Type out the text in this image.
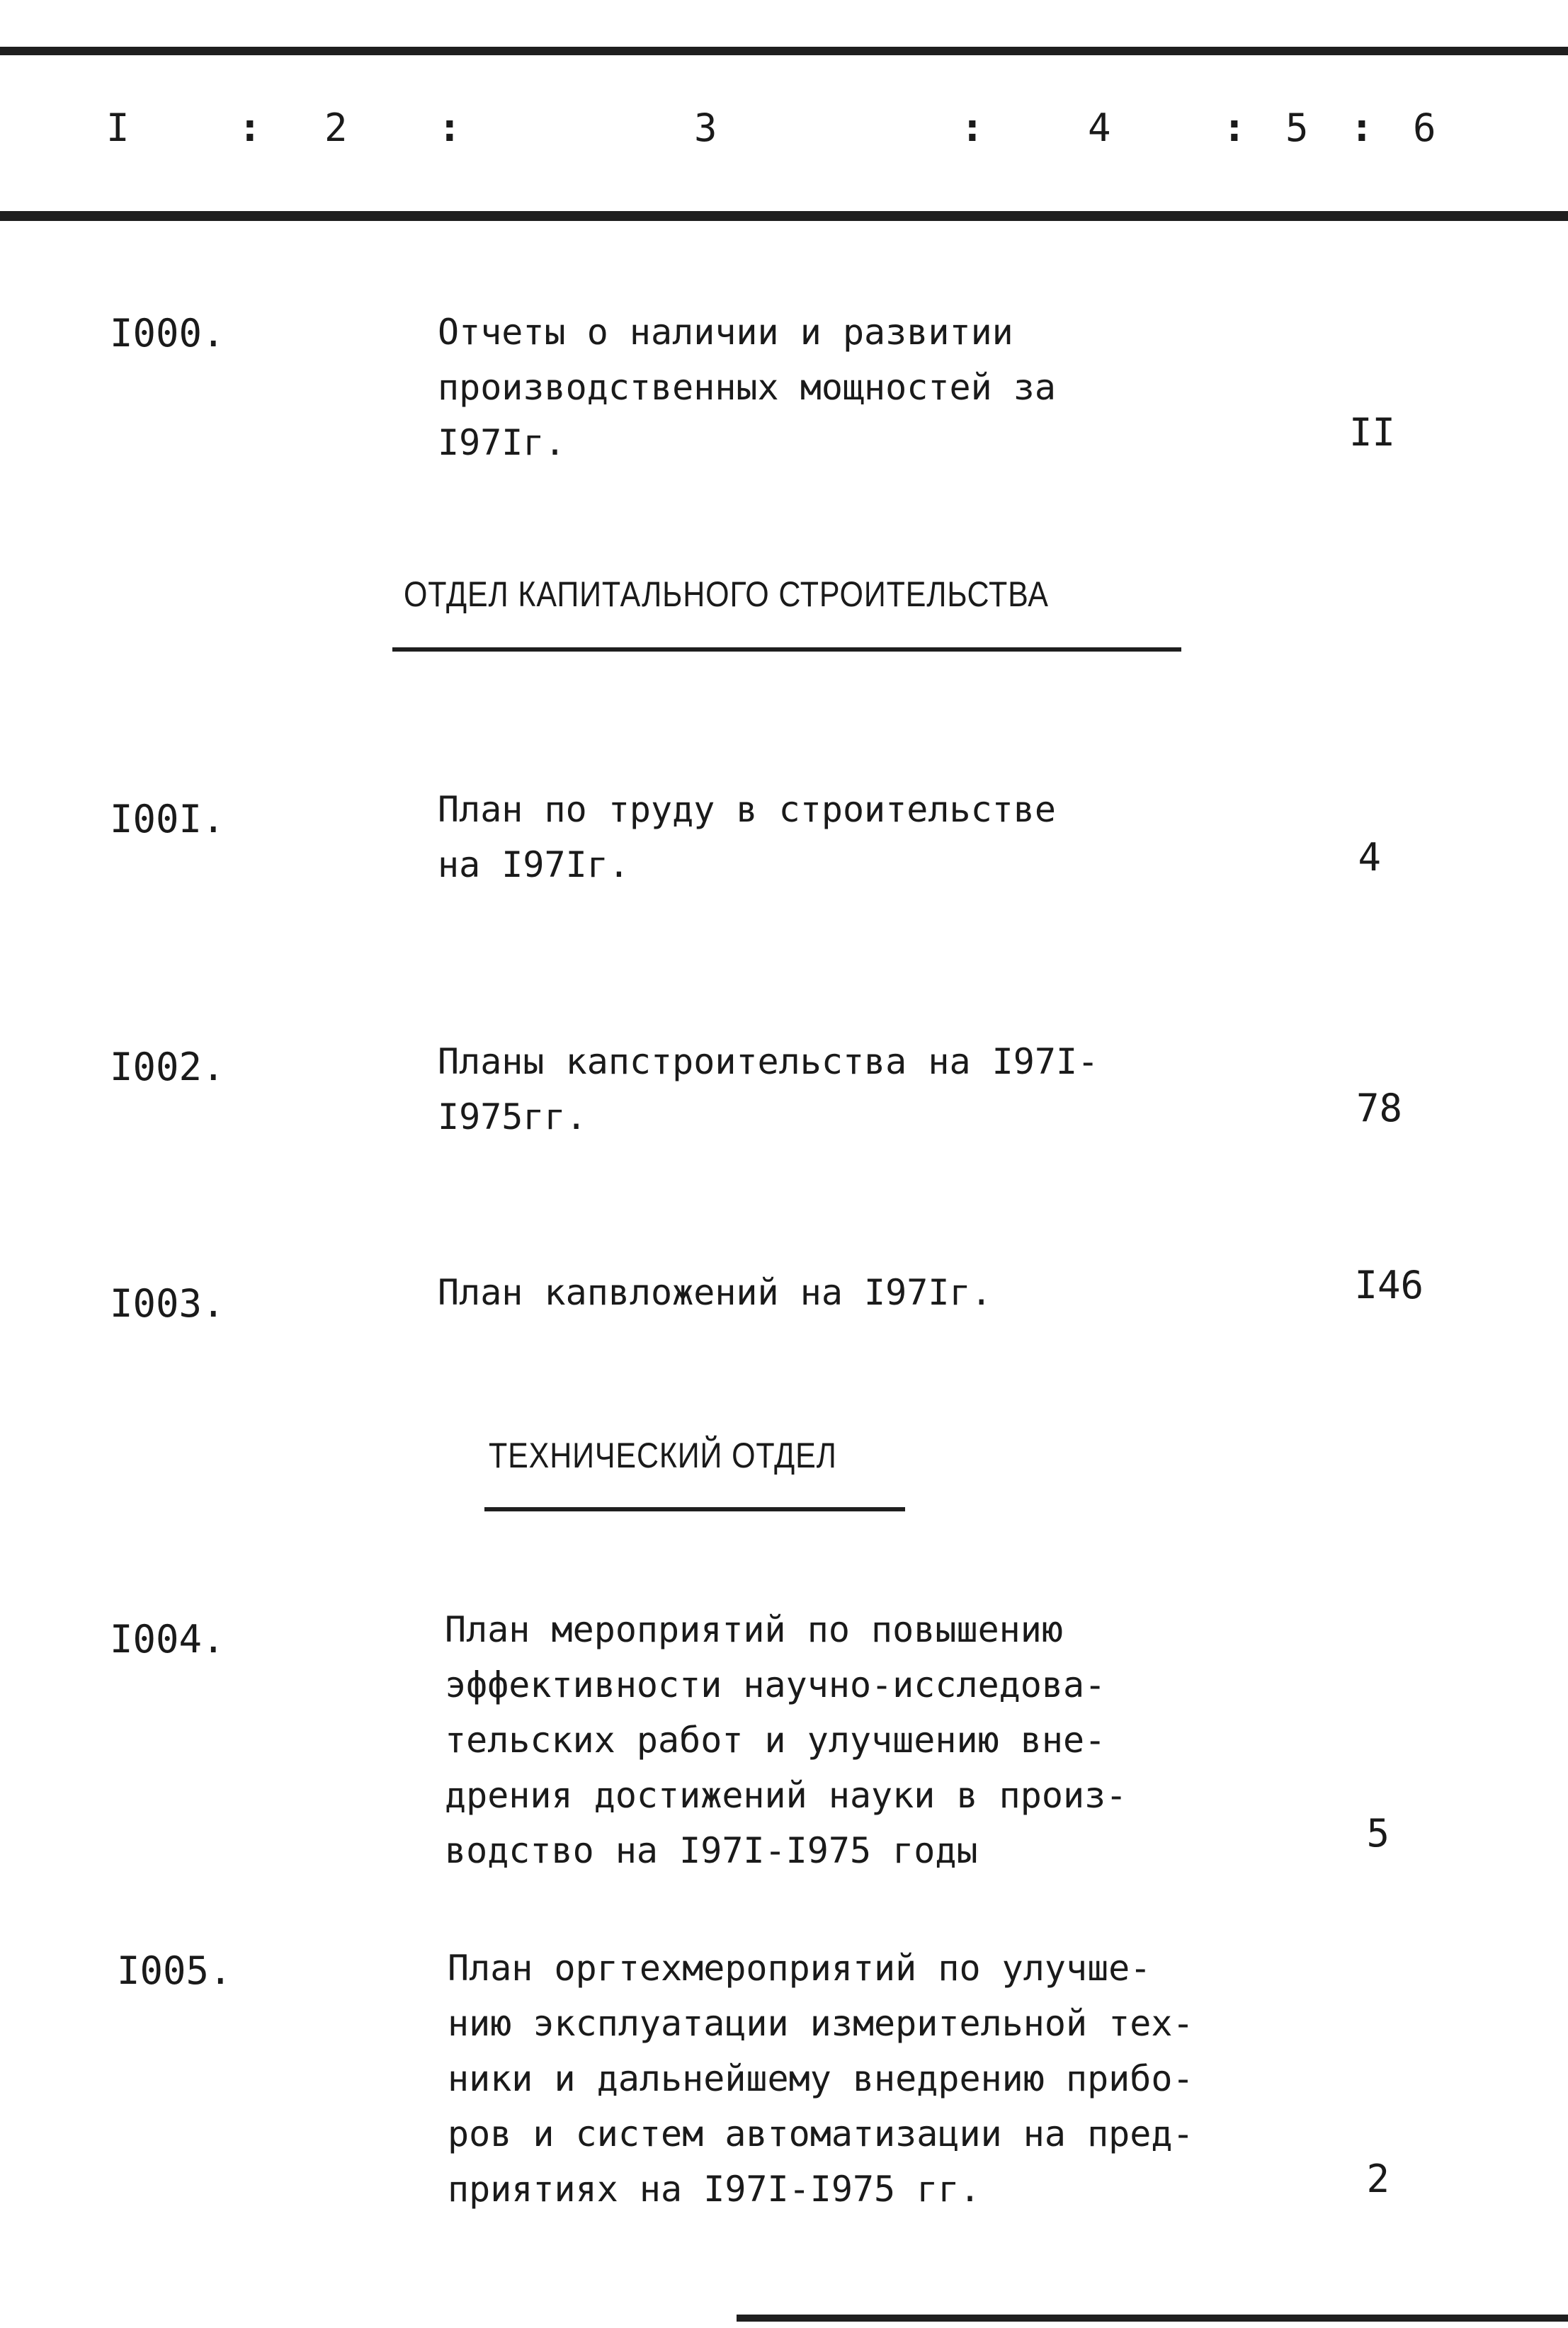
I	: 2 :	3	:	4	: 5 : 6
I000.	Отчеты о наличии и развитии
производственных мощностей за
I97Iг.	II
ОТДЕЛ КАПИТАЛЬНОГО СТРОИТЕЛЬСТВА
I00I.	План по труду в строительстве
на I97Iг.	4
I002.	Планы капстроительства на I97I-
I975гг.	78
I003.	План капвложений на I97Iг.	I46
ТЕХНИЧЕСКИЙ ОТДЕЛ
I004.	План мероприятий по повышению
эффективности научно-исследова-
тельских работ и улучшению вне-
дрения достижений науки в произ-
водство на I97I-I975 годы	5
I005.	План оргтехмероприятий по улучше-
нию эксплуатации измерительной тех-
ники и дальнейшему внедрению прибо-
ров и систем автоматизации на пред-
приятиях на I97I-I975 гг.	2
